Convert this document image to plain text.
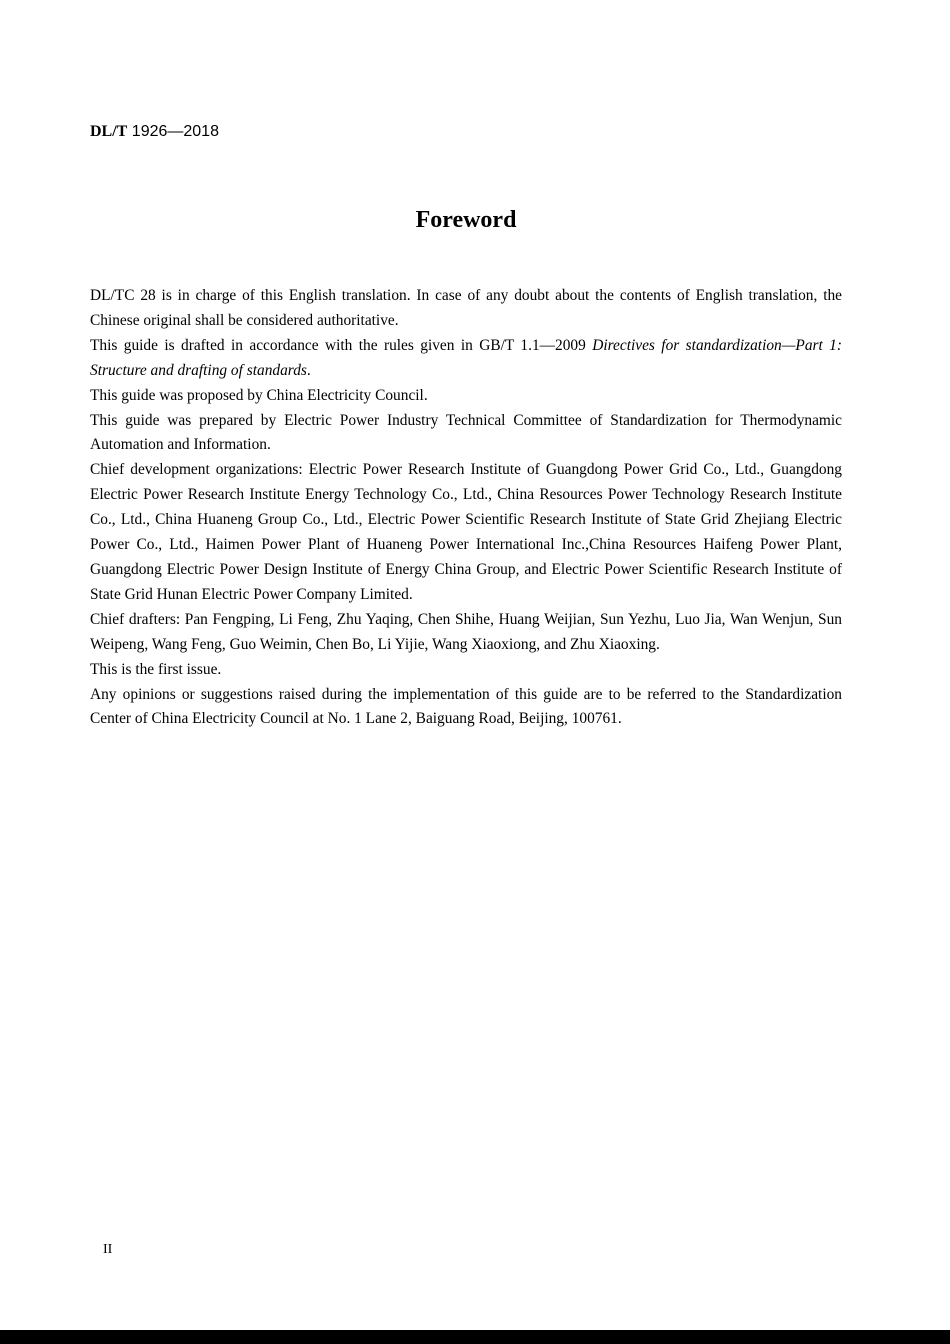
DL/T 1926—2018
Foreword

DL/TC 28 is in charge of this English translation. In case of any doubt about the contents of English translation, the Chinese original shall be considered authoritative.

This guide is drafted in accordance with the rules given in GB/T 1.1—2009 Directives for standardization—Part 1: Structure and drafting of standards.

This guide was proposed by China Electricity Council.

This guide was prepared by Electric Power Industry Technical Committee of Standardization for Thermodynamic Automation and Information.

Chief development organizations: Electric Power Research Institute of Guangdong Power Grid Co., Ltd., Guangdong Electric Power Research Institute Energy Technology Co., Ltd., China Resources Power Technology Research Institute Co., Ltd., China Huaneng Group Co., Ltd., Electric Power Scientific Research Institute of State Grid Zhejiang Electric Power Co., Ltd., Haimen Power Plant of Huaneng Power International Inc.,China Resources Haifeng Power Plant, Guangdong Electric Power Design Institute of Energy China Group, and Electric Power Scientific Research Institute of State Grid Hunan Electric Power Company Limited.

Chief drafters: Pan Fengping, Li Feng, Zhu Yaqing, Chen Shihe, Huang Weijian, Sun Yezhu, Luo Jia, Wan Wenjun, Sun Weipeng, Wang Feng, Guo Weimin, Chen Bo, Li Yijie, Wang Xiaoxiong, and Zhu Xiaoxing.

This is the first issue.

Any opinions or suggestions raised during the implementation of this guide are to be referred to the Standardization Center of China Electricity Council at No. 1 Lane 2, Baiguang Road, Beijing, 100761.

II
